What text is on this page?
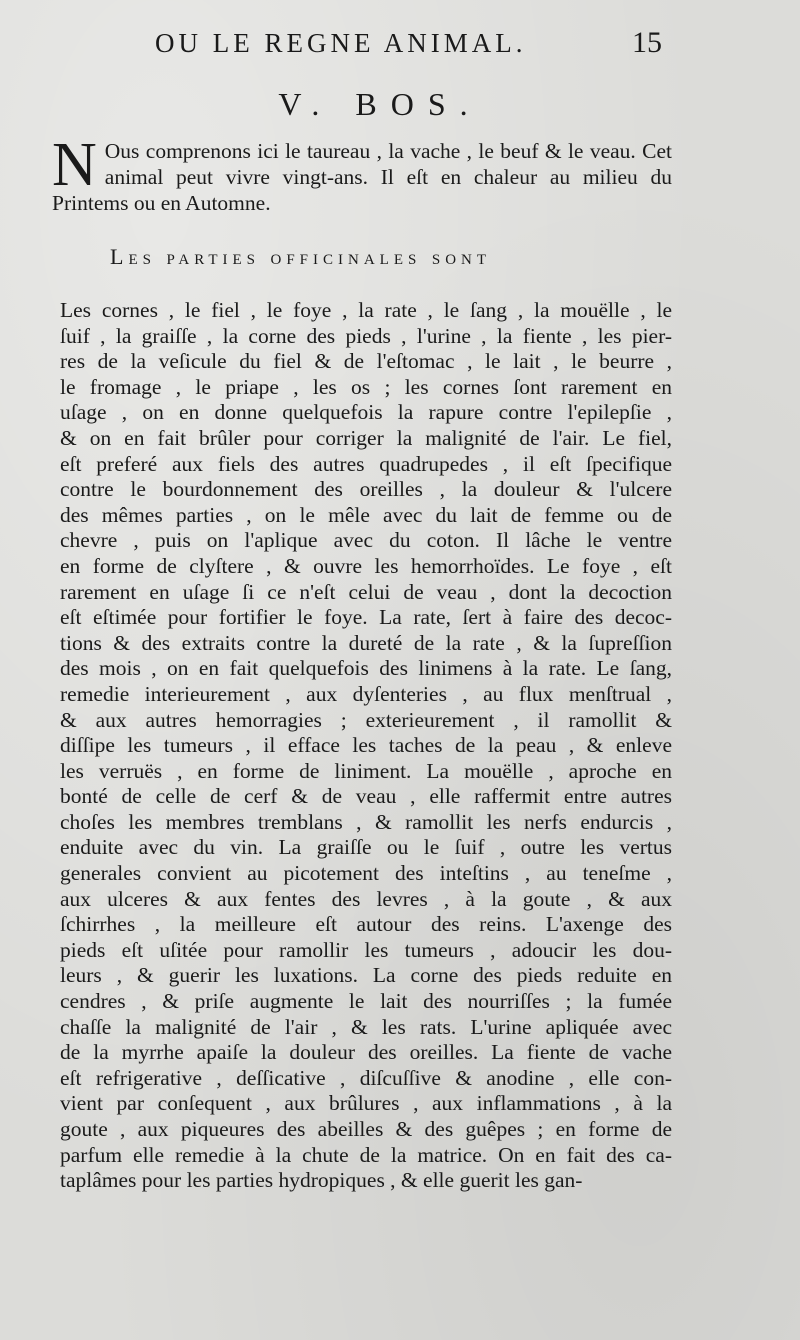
OU LE REGNE ANIMAL.	15
V. BOS.
N Ous comprenons ici le taureau , la vache , le beuf & le veau. Cet animal peut vivre vingt-ans. Il eſt en chaleur au milieu du Printems ou en Automne.
Les parties officinales sont
Les cornes , le fiel , le foye , la rate , le ſang , la mouëlle , le
ſuif , la graiſſe , la corne des pieds , l'urine , la fiente , les pier-
res de la veſicule du fiel & de l'eſtomac , le lait , le beurre ,
le fromage , le priape , les os ; les cornes ſont rarement en
uſage , on en donne quelquefois la rapure contre l'epilepſie ,
& on en fait brûler pour corriger la malignité de l'air. Le fiel,
eſt preferé aux fiels des autres quadrupedes , il eſt ſpecifique
contre le bourdonnement des oreilles , la douleur & l'ulcere
des mêmes parties , on le mêle avec du lait de femme ou de
chevre , puis on l'aplique avec du coton. Il lâche le ventre
en forme de clyſtere , & ouvre les hemorrhoïdes. Le foye , eſt
rarement en uſage ſi ce n'eſt celui de veau , dont la decoction
eſt eſtimée pour fortifier le foye. La rate, ſert à faire des decoc-
tions & des extraits contre la dureté de la rate , & la ſupreſſion
des mois , on en fait quelquefois des linimens à la rate. Le ſang,
remedie interieurement , aux dyſenteries , au flux menſtrual ,
& aux autres hemorragies ; exterieurement , il ramollit &
diſſipe les tumeurs , il efface les taches de la peau , & enleve
les verruës , en forme de liniment. La mouëlle , aproche en
bonté de celle de cerf & de veau , elle raffermit entre autres
choſes les membres tremblans , & ramollit les nerfs endurcis ,
enduite avec du vin. La graiſſe ou le ſuif , outre les vertus
generales convient au picotement des inteſtins , au teneſme ,
aux ulceres & aux fentes des levres , à la goute , & aux
ſchirrhes , la meilleure eſt autour des reins. L'axenge des
pieds eſt uſitée pour ramollir les tumeurs , adoucir les dou-
leurs , & guerir les luxations. La corne des pieds reduite en
cendres , & priſe augmente le lait des nourriſſes ; la fumée
chaſſe la malignité de l'air , & les rats. L'urine apliquée avec
de la myrrhe apaiſe la douleur des oreilles. La fiente de vache
eſt refrigerative , deſſicative , diſcuſſive & anodine , elle con-
vient par conſequent , aux brûlures , aux inflammations , à la
goute , aux piqueures des abeilles & des guêpes ; en forme de
parfum elle remedie à la chute de la matrice. On en fait des ca-
taplâmes pour les parties hydropiques , & elle guerit les gan-
